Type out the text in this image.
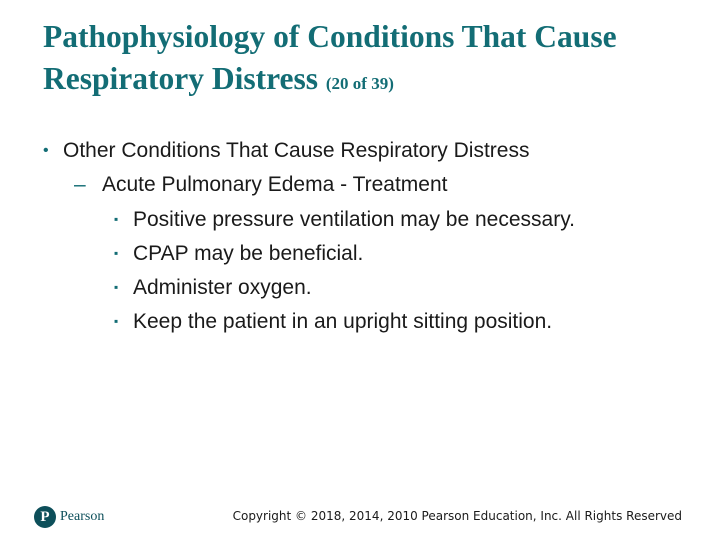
Pathophysiology of Conditions That Cause Respiratory Distress (20 of 39)
• Other Conditions That Cause Respiratory Distress
– Acute Pulmonary Edema - Treatment
▪ Positive pressure ventilation may be necessary.
▪ CPAP may be beneficial.
▪ Administer oxygen.
▪ Keep the patient in an upright sitting position.
P Pearson	Copyright © 2018, 2014, 2010 Pearson Education, Inc. All Rights Reserved
